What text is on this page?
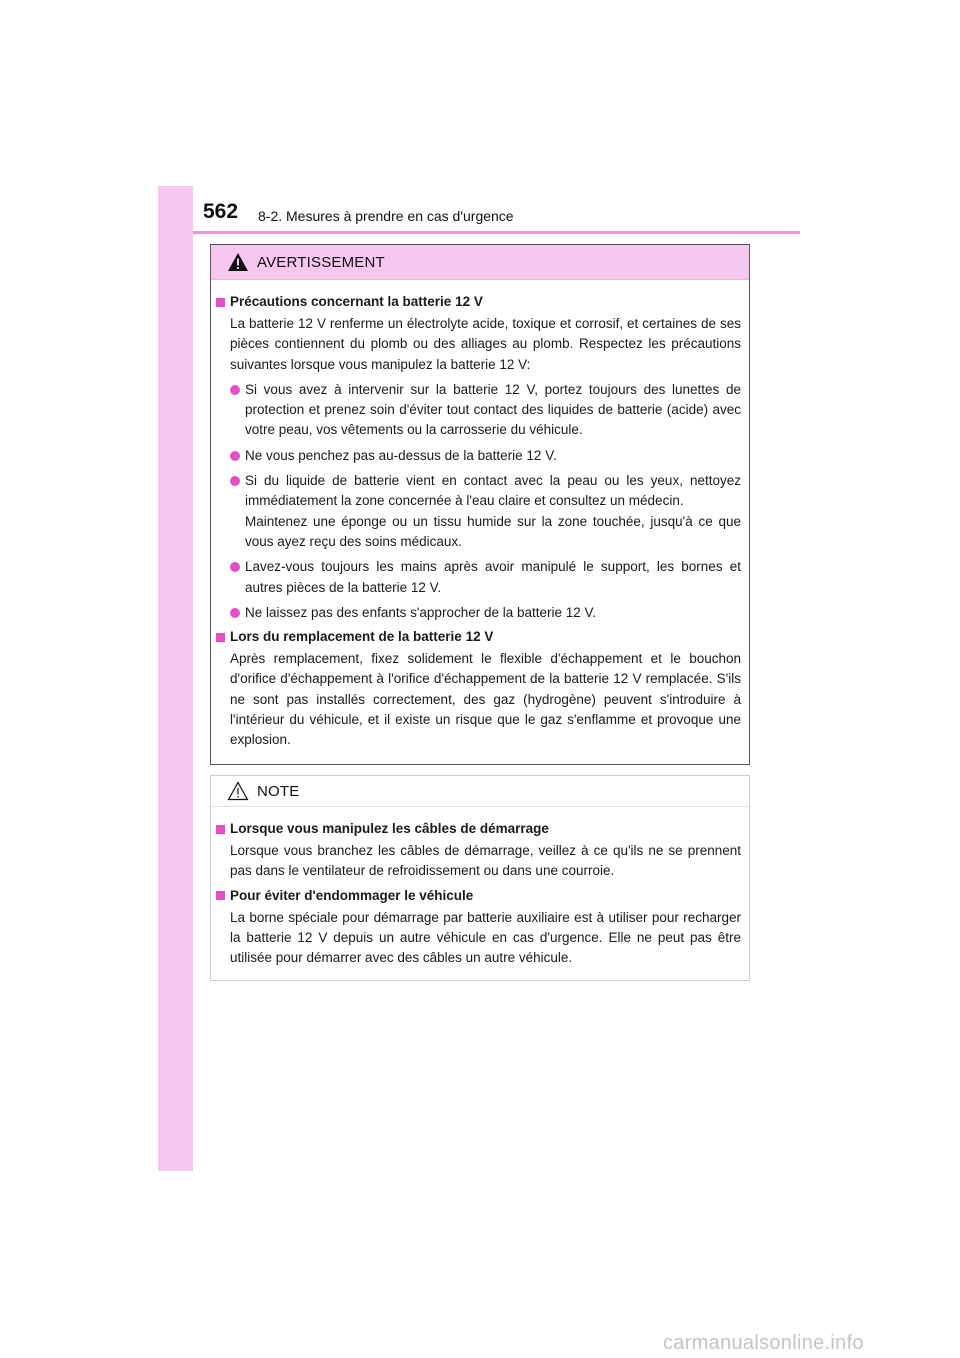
562 8-2. Mesures à prendre en cas d'urgence
AVERTISSEMENT
Précautions concernant la batterie 12 V
La batterie 12 V renferme un électrolyte acide, toxique et corrosif, et certaines de ses pièces contiennent du plomb ou des alliages au plomb. Respectez les précautions suivantes lorsque vous manipulez la batterie 12 V:
Si vous avez à intervenir sur la batterie 12 V, portez toujours des lunettes de protection et prenez soin d'éviter tout contact des liquides de batterie (acide) avec votre peau, vos vêtements ou la carrosserie du véhicule.
Ne vous penchez pas au-dessus de la batterie 12 V.
Si du liquide de batterie vient en contact avec la peau ou les yeux, nettoyez immédiatement la zone concernée à l'eau claire et consultez un médecin.
Maintenez une éponge ou un tissu humide sur la zone touchée, jusqu'à ce que vous ayez reçu des soins médicaux.
Lavez-vous toujours les mains après avoir manipulé le support, les bornes et autres pièces de la batterie 12 V.
Ne laissez pas des enfants s'approcher de la batterie 12 V.
Lors du remplacement de la batterie 12 V
Après remplacement, fixez solidement le flexible d'échappement et le bouchon d'orifice d'échappement à l'orifice d'échappement de la batterie 12 V remplacée. S'ils ne sont pas installés correctement, des gaz (hydrogène) peuvent s'introduire à l'intérieur du véhicule, et il existe un risque que le gaz s'enflamme et provoque une explosion.
NOTE
Lorsque vous manipulez les câbles de démarrage
Lorsque vous branchez les câbles de démarrage, veillez à ce qu'ils ne se prennent pas dans le ventilateur de refroidissement ou dans une courroie.
Pour éviter d'endommager le véhicule
La borne spéciale pour démarrage par batterie auxiliaire est à utiliser pour recharger la batterie 12 V depuis un autre véhicule en cas d'urgence. Elle ne peut pas être utilisée pour démarrer avec des câbles un autre véhicule.
carmanualsonline.info
